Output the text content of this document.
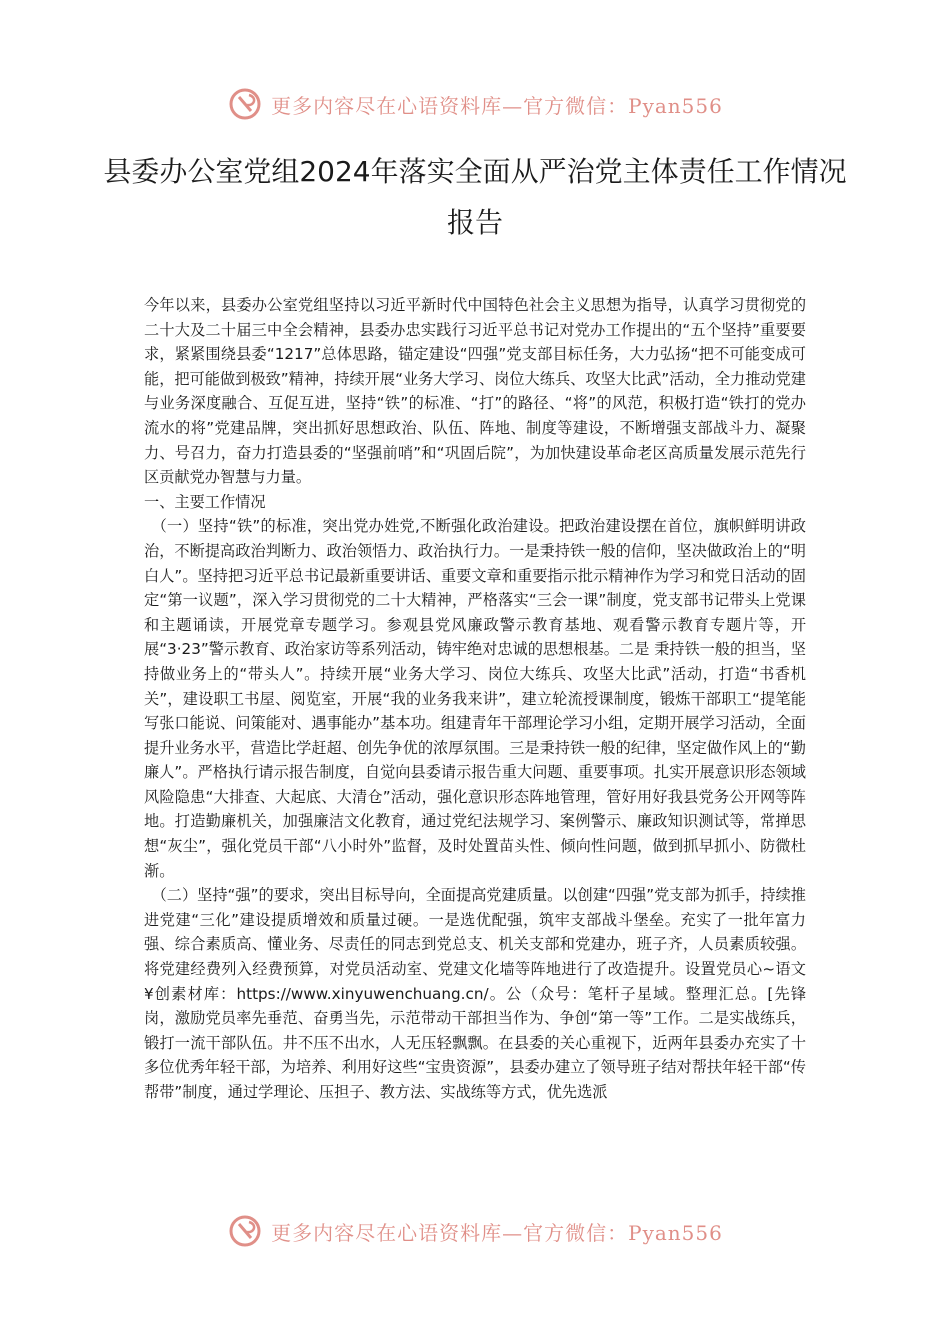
更多内容尽在心语资料库—官方微信：Pyan556
县委办公室党组2024年落实全面从严治党主体责任工作情况报告

今年以来，县委办公室党组坚持以习近平新时代中国特色社会主义思想为指导，认真学习贯彻党的二十大及二十届三中全会精神，县委办忠实践行习近平总书记对党办工作提出的“五个坚持”重要要求，紧紧围绕县委“1217”总体思路，锚定建设“四强”党支部目标任务，大力弘扬“把不可能变成可能，把可能做到极致”精神，持续开展“业务大学习、岗位大练兵、攻坚大比武”活动，全力推动党建与业务深度融合、互促互进，坚持“铁”的标准、“打”的路径、“将”的风范，积极打造“铁打的党办 流水的将”党建品牌，突出抓好思想政治、队伍、阵地、制度等建设，不断增强支部战斗力、凝聚力、号召力，奋力打造县委的“坚强前哨”和“巩固后院”，为加快建设革命老区高质量发展示范先行区贡献党办智慧与力量。

一、主要工作情况

（一）坚持“铁”的标准，突出党办姓党,不断强化政治建设。把政治建设摆在首位，旗帜鲜明讲政治，不断提高政治判断力、政治领悟力、政治执行力。一是秉持铁一般的信仰，坚决做政治上的“明白人”。坚持把习近平总书记最新重要讲话、重要文章和重要指示批示精神作为学习和党日活动的固定“第一议题”，深入学习贯彻党的二十大精神，严格落实“三会一课”制度，党支部书记带头上党课和主题诵读，开展党章专题学习。参观县党风廉政警示教育基地、观看警示教育专题片等，开展“3·23”警示教育、政治家访等系列活动，铸牢绝对忠诚的思想根基。二是 秉持铁一般的担当，坚持做业务上的“带头人”。持续开展“业务大学习、岗位大练兵、攻坚大比武”活动，打造“书香机关”，建设职工书屋、阅览室，开展“我的业务我来讲”，建立轮流授课制度，锻炼干部职工“提笔能写张口能说、问策能对、遇事能办”基本功。组建青年干部理论学习小组，定期开展学习活动，全面提升业务水平，营造比学赶超、创先争优的浓厚氛围。三是秉持铁一般的纪律，坚定做作风上的“勤廉人”。严格执行请示报告制度，自觉向县委请示报告重大问题、重要事项。扎实开展意识形态领域风险隐患“大排查、大起底、大清仓”活动，强化意识形态阵地管理，管好用好我县党务公开网等阵地。打造勤廉机关，加强廉洁文化教育，通过党纪法规学习、案例警示、廉政知识测试等，常掸思想“灰尘”，强化党员干部“八小时外”监督，及时处置苗头性、倾向性问题，做到抓早抓小、防微杜渐。

（二）坚持“强”的要求，突出目标导向，全面提高党建质量。以创建“四强”党支部为抓手，持续推进党建“三化”建设提质增效和质量过硬。一是选优配强，筑牢支部战斗堡垒。充实了一批年富力强、综合素质高、懂业务、尽责任的同志到党总支、机关支部和党建办，班子齐，人员素质较强。将党建经费列入经费预算，对党员活动室、党建文化墙等阵地进行了改造提升。设置党员心~语文¥创素材库：https://www.xinyuwenchuang.cn/。公（众号：笔杆子星域。整理汇总。[先锋岗，激励党员率先垂范、奋勇当先，示范带动干部担当作为、争创“第一等”工作。二是实战练兵，锻打一流干部队伍。井不压不出水，人无压轻飘飘。在县委的关心重视下，近两年县委办充实了十多位优秀年轻干部，为培养、利用好这些“宝贵资源”，县委办建立了领导班子结对帮扶年轻干部“传帮带”制度，通过学理论、压担子、教方法、实战练等方式，优先选派

更多内容尽在心语资料库—官方微信：Pyan556
